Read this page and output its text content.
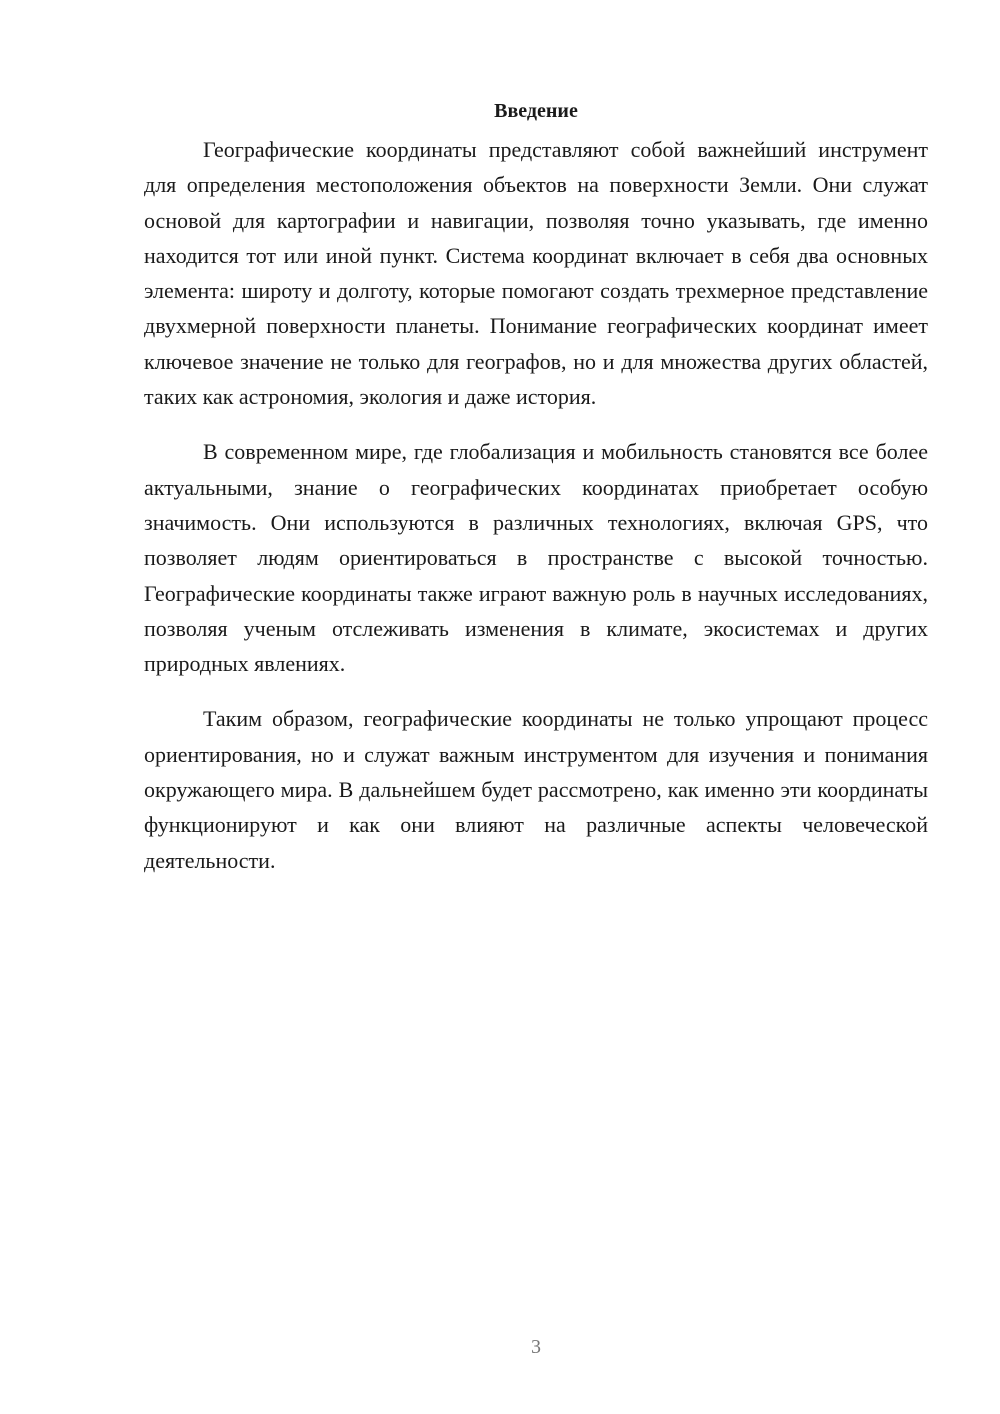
Введение

Географические координаты представляют собой важнейший инструмент для определения местоположения объектов на поверхности Земли. Они служат основой для картографии и навигации, позволяя точно указывать, где именно находится тот или иной пункт. Система координат включает в себя два основных элемента: широту и долготу, которые помогают создать трехмерное представление двухмерной поверхности планеты. Понимание географических координат имеет ключевое значение не только для географов, но и для множества других областей, таких как астрономия, экология и даже история.

В современном мире, где глобализация и мобильность становятся все более актуальными, знание о географических координатах приобретает особую значимость. Они используются в различных технологиях, включая GPS, что позволяет людям ориентироваться в пространстве с высокой точностью. Географические координаты также играют важную роль в научных исследованиях, позволяя ученым отслеживать изменения в климате, экосистемах и других природных явлениях.

Таким образом, географические координаты не только упрощают процесс ориентирования, но и служат важным инструментом для изучения и понимания окружающего мира. В дальнейшем будет рассмотрено, как именно эти координаты функционируют и как они влияют на различные аспекты человеческой деятельности.

3
